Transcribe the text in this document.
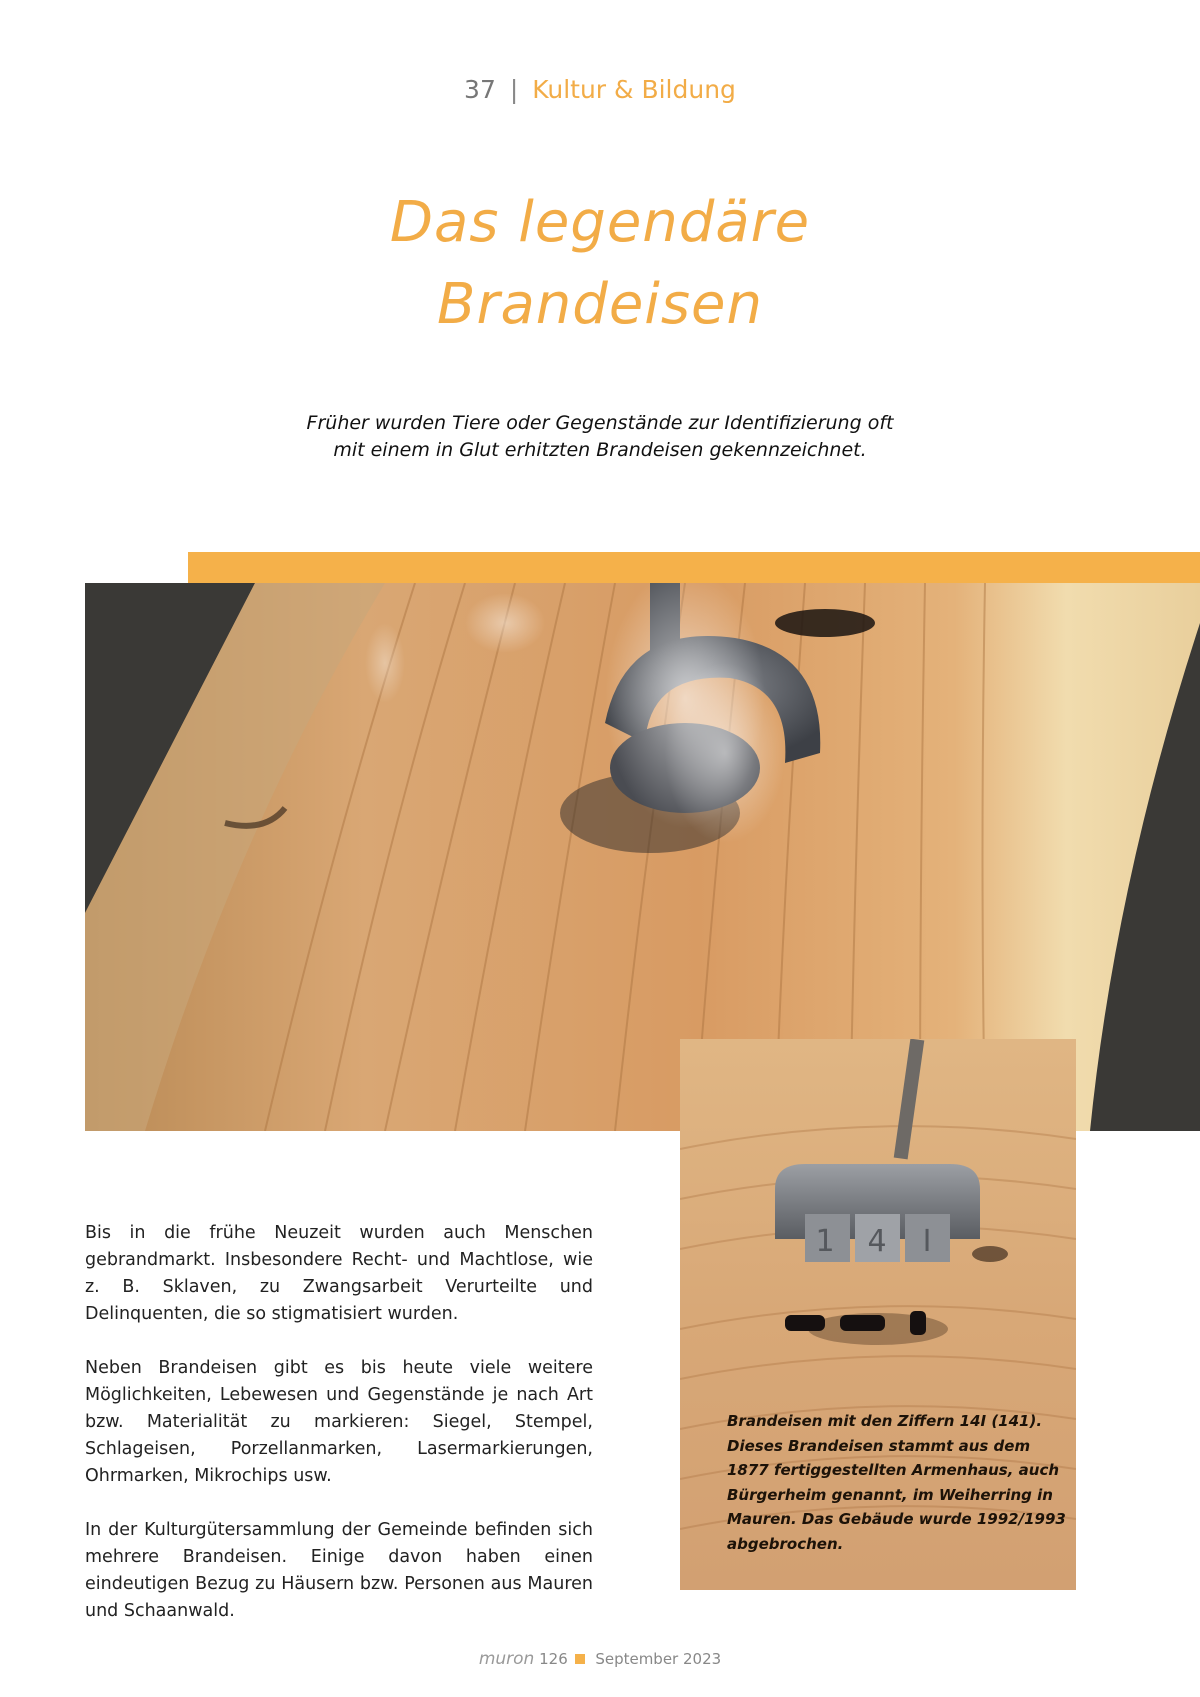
37 | Kultur & Bildung
Das legendäre
Brandeisen
Früher wurden Tiere oder Gegenstände zur Identifizierung oft
mit einem in Glut erhitzten Brandeisen gekennzeichnet.
1 4 I
Brandeisen mit den Ziffern 14I (141). Dieses Brandeisen stammt aus dem 1877 fertiggestellten Armenhaus, auch Bürgerheim genannt, im Weiherring in Mauren. Das Gebäude wurde 1992/1993 abgebrochen.

Bis in die frühe Neuzeit wurden auch Menschen gebrandmarkt. Insbesondere Recht- und Machtlose, wie z. B. Sklaven, zu Zwangsarbeit Verurteilte und Delinquenten, die so stigmatisiert wurden.

Neben Brandeisen gibt es bis heute viele weitere Möglichkeiten, Lebewesen und Gegenstände je nach Art bzw. Materialität zu markieren: Siegel, Stempel, Schlageisen, Porzellanmarken, Lasermarkierungen, Ohrmarken, Mikrochips usw.

In der Kulturgütersammlung der Gemeinde befinden sich mehrere Brandeisen. Einige davon haben einen eindeutigen Bezug zu Häusern bzw. Personen aus Mauren und Schaanwald.

muron 126 September 2023
